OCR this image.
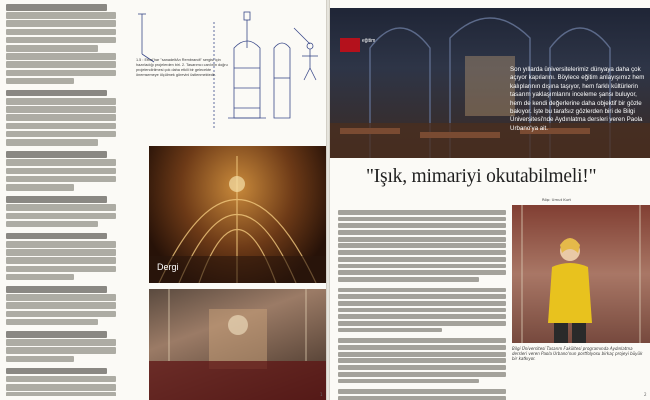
1.5 : Ethel'har "sanadeltAn Rembrandt" sergisi için hazırladığı projelerden biri. 2. Tasarımcı canlının doğru projelendirilmesi çok daha etkili bir gelecekte önemsemeye ölçülmek görevini üstlenmektedir.
Dergi
1
eğitim
Son yıllarda üniversitelerimiz dünyaya daha çok açıyor kapılarını. Böylece eğitim anlayışımız hem kalıplarının dışına taşıyor, hem farklı kültürlerin tasarım yaklaşımlarını inceleme şansı buluyor, hem de kendi değerlerine daha objektif bir gözle bakıyor. İşte bu tarafsız gözlerden biri de Bilgi Üniversitesi'nde Aydınlatma dersleri veren Paola Urbano'ya ait.
"Işık, mimariyi okutabilmeli!"
Röp: Umut Kurt
Bilgi Üniversitesi Tasarım Fakültesi programında Aydınlatma dersleri veren Paola Urbano'nun portfolyosu birkaç projeyi büyük bir katkıyor.
2
